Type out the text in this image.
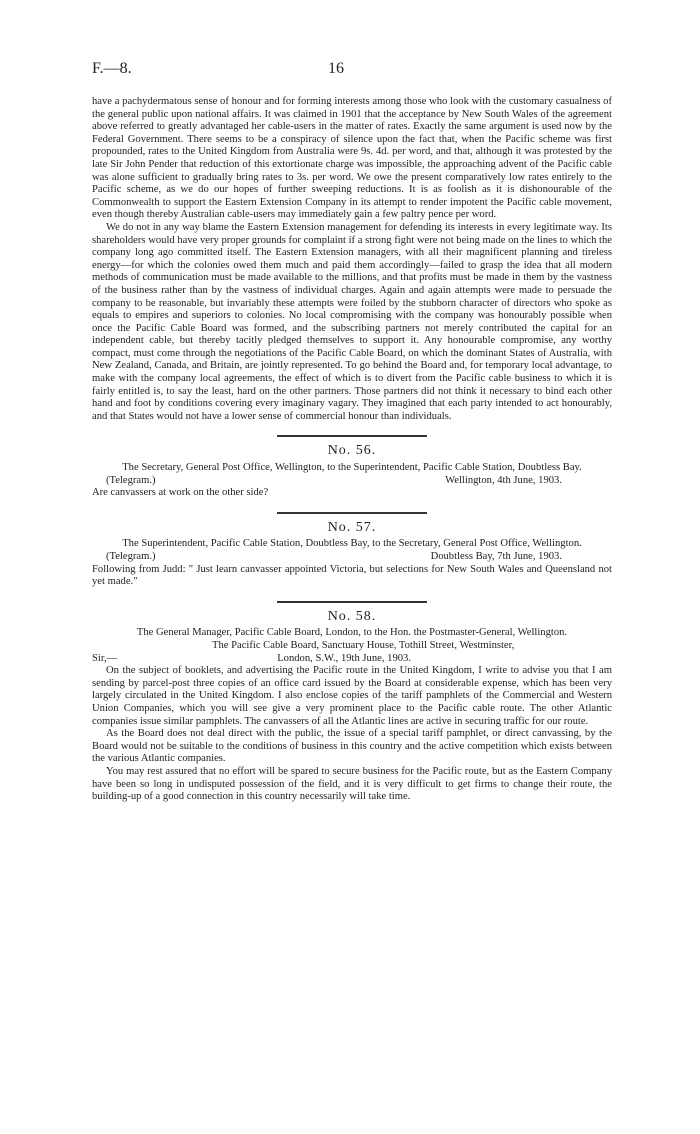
F.—8.	16

have a pachydermatous sense of honour and for forming interests among those who look with the customary casualness of the general public upon national affairs. It was claimed in 1901 that the acceptance by New South Wales of the agreement above referred to greatly advantaged her cable-users in the matter of rates. Exactly the same argument is used now by the Federal Government. There seems to be a conspiracy of silence upon the fact that, when the Pacific scheme was first propounded, rates to the United Kingdom from Australia were 9s. 4d. per word, and that, although it was protested by the late Sir John Pender that reduction of this extortionate charge was impossible, the approaching advent of the Pacific cable was alone sufficient to gradually bring rates to 3s. per word. We owe the present comparatively low rates entirely to the Pacific scheme, as we do our hopes of further sweeping reductions. It is as foolish as it is dishonourable of the Commonwealth to support the Eastern Extension Company in its attempt to render impotent the Pacific cable movement, even though thereby Australian cable-users may immediately gain a few paltry pence per word.

We do not in any way blame the Eastern Extension management for defending its interests in every legitimate way. Its shareholders would have very proper grounds for complaint if a strong fight were not being made on the lines to which the company long ago committed itself. The Eastern Extension managers, with all their magnificent planning and tireless energy—for which the colonies owed them much and paid them accordingly—failed to grasp the idea that all modern methods of communication must be made available to the millions, and that profits must be made in them by the vastness of the business rather than by the vastness of individual charges. Again and again attempts were made to persuade the company to be reasonable, but invariably these attempts were foiled by the stubborn character of directors who spoke as equals to empires and superiors to colonies. No local compromising with the company was honourably possible when once the Pacific Cable Board was formed, and the subscribing partners not merely contributed the capital for an independent cable, but thereby tacitly pledged themselves to support it. Any honourable compromise, any worthy compact, must come through the negotiations of the Pacific Cable Board, on which the dominant States of Australia, with New Zealand, Canada, and Britain, are jointly represented. To go behind the Board and, for temporary local advantage, to make with the company local agreements, the effect of which is to divert from the Pacific cable business to which it is fairly entitled is, to say the least, hard on the other partners. Those partners did not think it necessary to bind each other hand and foot by conditions covering every imaginary vagary. They imagined that each party intended to act honourably, and that States would not have a lower sense of commercial honour than individuals.

No. 56.

The Secretary, General Post Office, Wellington, to the Superintendent, Pacific Cable Station, Doubtless Bay.

(Telegram.)	Wellington, 4th June, 1903.

Are canvassers at work on the other side?

No. 57.

The Superintendent, Pacific Cable Station, Doubtless Bay, to the Secretary, General Post Office, Wellington.

(Telegram.)	Doubtless Bay, 7th June, 1903.

Following from Judd: " Just learn canvasser appointed Victoria, but selections for New South Wales and Queensland not yet made."

No. 58.

The General Manager, Pacific Cable Board, London, to the Hon. the Postmaster-General, Wellington.

The Pacific Cable Board, Sanctuary House, Tothill Street, Westminster,

Sir,—	London, S.W., 19th June, 1903.

On the subject of booklets, and advertising the Pacific route in the United Kingdom, I write to advise you that I am sending by parcel-post three copies of an office card issued by the Board at considerable expense, which has been very largely circulated in the United Kingdom. I also enclose copies of the tariff pamphlets of the Commercial and Western Union Companies, which you will see give a very prominent place to the Pacific cable route. The other Atlantic companies issue similar pamphlets. The canvassers of all the Atlantic lines are active in securing traffic for our route.

As the Board does not deal direct with the public, the issue of a special tariff pamphlet, or direct canvassing, by the Board would not be suitable to the conditions of business in this country and the active competition which exists between the various Atlantic companies.

You may rest assured that no effort will be spared to secure business for the Pacific route, but as the Eastern Company have been so long in undisputed possession of the field, and it is very difficult to get firms to change their route, the building-up of a good connection in this country necessarily will take time.
